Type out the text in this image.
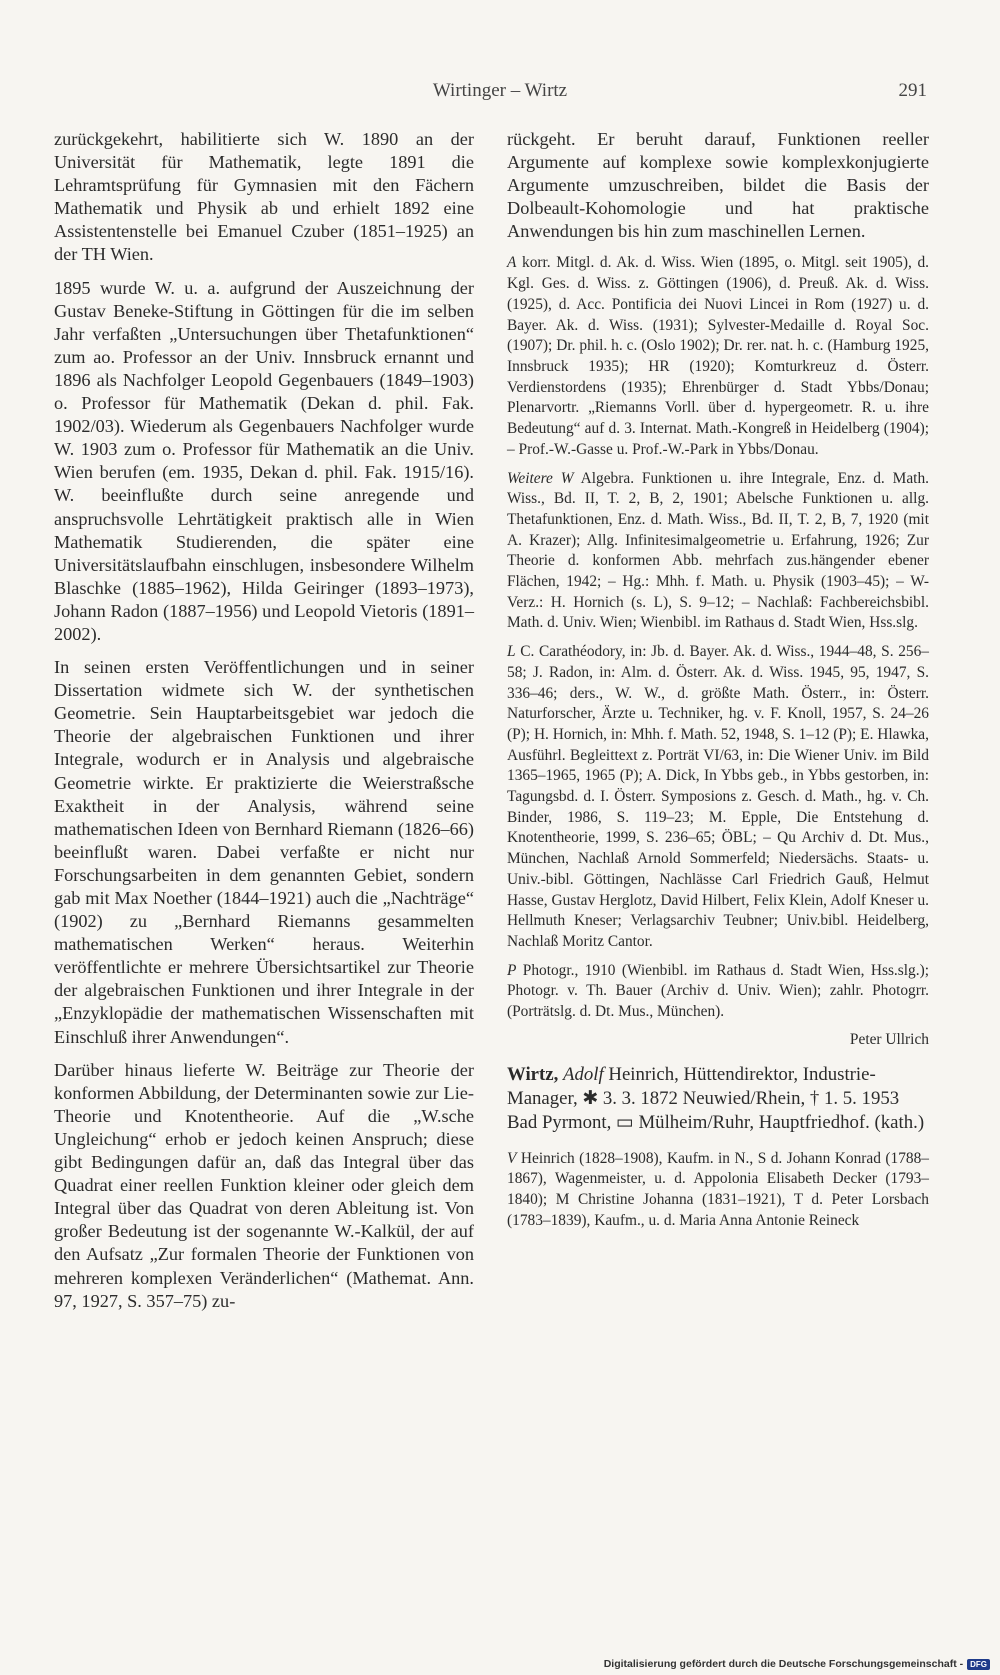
Wirtinger – Wirtz	291

zurückgekehrt, habilitierte sich W. 1890 an der Universität für Mathematik, legte 1891 die Lehramtsprüfung für Gymnasien mit den Fächern Mathematik und Physik ab und erhielt 1892 eine Assistentenstelle bei Emanuel Czuber (1851–1925) an der TH Wien.

1895 wurde W. u. a. aufgrund der Auszeichnung der Gustav Beneke-Stiftung in Göttingen für die im selben Jahr verfaßten „Untersuchungen über Thetafunktionen“ zum ao. Professor an der Univ. Innsbruck ernannt und 1896 als Nachfolger Leopold Gegenbauers (1849–1903) o. Professor für Mathematik (Dekan d. phil. Fak. 1902/03). Wiederum als Gegenbauers Nachfolger wurde W. 1903 zum o. Professor für Mathematik an die Univ. Wien berufen (em. 1935, Dekan d. phil. Fak. 1915/16). W. beeinflußte durch seine anregende und anspruchsvolle Lehrtätigkeit praktisch alle in Wien Mathematik Studierenden, die später eine Universitätslaufbahn einschlugen, insbesondere Wilhelm Blaschke (1885–1962), Hilda Geiringer (1893–1973), Johann Radon (1887–1956) und Leopold Vietoris (1891–2002).

In seinen ersten Veröffentlichungen und in seiner Dissertation widmete sich W. der synthetischen Geometrie. Sein Hauptarbeitsgebiet war jedoch die Theorie der algebraischen Funktionen und ihrer Integrale, wodurch er in Analysis und algebraische Geometrie wirkte. Er praktizierte die Weierstraßsche Exaktheit in der Analysis, während seine mathematischen Ideen von Bernhard Riemann (1826–66) beeinflußt waren. Dabei verfaßte er nicht nur Forschungsarbeiten in dem genannten Gebiet, sondern gab mit Max Noether (1844–1921) auch die „Nachträge“ (1902) zu „Bernhard Riemanns gesammelten mathematischen Werken“ heraus. Weiterhin veröffentlichte er mehrere Übersichtsartikel zur Theorie der algebraischen Funktionen und ihrer Integrale in der „Enzyklopädie der mathematischen Wissenschaften mit Einschluß ihrer Anwendungen“.

Darüber hinaus lieferte W. Beiträge zur Theorie der konformen Abbildung, der Determinanten sowie zur Lie-Theorie und Knotentheorie. Auf die „W.sche Ungleichung“ erhob er jedoch keinen Anspruch; diese gibt Bedingungen dafür an, daß das Integral über das Quadrat einer reellen Funktion kleiner oder gleich dem Integral über das Quadrat von deren Ableitung ist. Von großer Bedeutung ist der sogenannte W.-Kalkül, der auf den Aufsatz „Zur formalen Theorie der Funktionen von mehreren komplexen Veränderlichen“ (Mathemat. Ann. 97, 1927, S. 357–75) zu-

rückgeht. Er beruht darauf, Funktionen reeller Argumente auf komplexe sowie komplexkonjugierte Argumente umzuschreiben, bildet die Basis der Dolbeault-Kohomologie und hat praktische Anwendungen bis hin zum maschinellen Lernen.

A korr. Mitgl. d. Ak. d. Wiss. Wien (1895, o. Mitgl. seit 1905), d. Kgl. Ges. d. Wiss. z. Göttingen (1906), d. Preuß. Ak. d. Wiss. (1925), d. Acc. Pontificia dei Nuovi Lincei in Rom (1927) u. d. Bayer. Ak. d. Wiss. (1931); Sylvester-Medaille d. Royal Soc. (1907); Dr. phil. h. c. (Oslo 1902); Dr. rer. nat. h. c. (Hamburg 1925, Innsbruck 1935); HR (1920); Komturkreuz d. Österr. Verdienstordens (1935); Ehrenbürger d. Stadt Ybbs/Donau; Plenarvortr. „Riemanns Vorll. über d. hypergeometr. R. u. ihre Bedeutung“ auf d. 3. Internat. Math.-Kongreß in Heidelberg (1904); – Prof.-W.-Gasse u. Prof.-W.-Park in Ybbs/Donau.

Weitere W Algebra. Funktionen u. ihre Integrale, Enz. d. Math. Wiss., Bd. II, T. 2, B, 2, 1901; Abelsche Funktionen u. allg. Thetafunktionen, Enz. d. Math. Wiss., Bd. II, T. 2, B, 7, 1920 (mit A. Krazer); Allg. Infinitesimalgeometrie u. Erfahrung, 1926; Zur Theorie d. konformen Abb. mehrfach zus.hängender ebener Flächen, 1942; – Hg.: Mhh. f. Math. u. Physik (1903–45); – W-Verz.: H. Hornich (s. L), S. 9–12; – Nachlaß: Fachbereichsbibl. Math. d. Univ. Wien; Wienbibl. im Rathaus d. Stadt Wien, Hss.slg.

L C. Carathéodory, in: Jb. d. Bayer. Ak. d. Wiss., 1944–48, S. 256–58; J. Radon, in: Alm. d. Österr. Ak. d. Wiss. 1945, 95, 1947, S. 336–46; ders., W. W., d. größte Math. Österr., in: Österr. Naturforscher, Ärzte u. Techniker, hg. v. F. Knoll, 1957, S. 24–26 (P); H. Hornich, in: Mhh. f. Math. 52, 1948, S. 1–12 (P); E. Hlawka, Ausführl. Begleittext z. Porträt VI/63, in: Die Wiener Univ. im Bild 1365–1965, 1965 (P); A. Dick, In Ybbs geb., in Ybbs gestorben, in: Tagungsbd. d. I. Österr. Symposions z. Gesch. d. Math., hg. v. Ch. Binder, 1986, S. 119–23; M. Epple, Die Entstehung d. Knotentheorie, 1999, S. 236–65; ÖBL; – Qu Archiv d. Dt. Mus., München, Nachlaß Arnold Sommerfeld; Niedersächs. Staats- u. Univ.-bibl. Göttingen, Nachlässe Carl Friedrich Gauß, Helmut Hasse, Gustav Herglotz, David Hilbert, Felix Klein, Adolf Kneser u. Hellmuth Kneser; Verlagsarchiv Teubner; Univ.bibl. Heidelberg, Nachlaß Moritz Cantor.

P Photogr., 1910 (Wienbibl. im Rathaus d. Stadt Wien, Hss.slg.); Photogr. v. Th. Bauer (Archiv d. Univ. Wien); zahlr. Photogrr. (Porträtslg. d. Dt. Mus., München).

Peter Ullrich

Wirtz, Adolf Heinrich, Hüttendirektor, Industrie-Manager, ✱ 3. 3. 1872 Neuwied/Rhein, † 1. 5. 1953 Bad Pyrmont, ▭ Mülheim/Ruhr, Hauptfriedhof. (kath.)

V Heinrich (1828–1908), Kaufm. in N., S d. Johann Konrad (1788–1867), Wagenmeister, u. d. Appolonia Elisabeth Decker (1793–1840); M Christine Johanna (1831–1921), T d. Peter Lorsbach (1783–1839), Kaufm., u. d. Maria Anna Antonie Reineck

Digitalisierung gefördert durch die Deutsche Forschungsgemeinschaft - DFG
